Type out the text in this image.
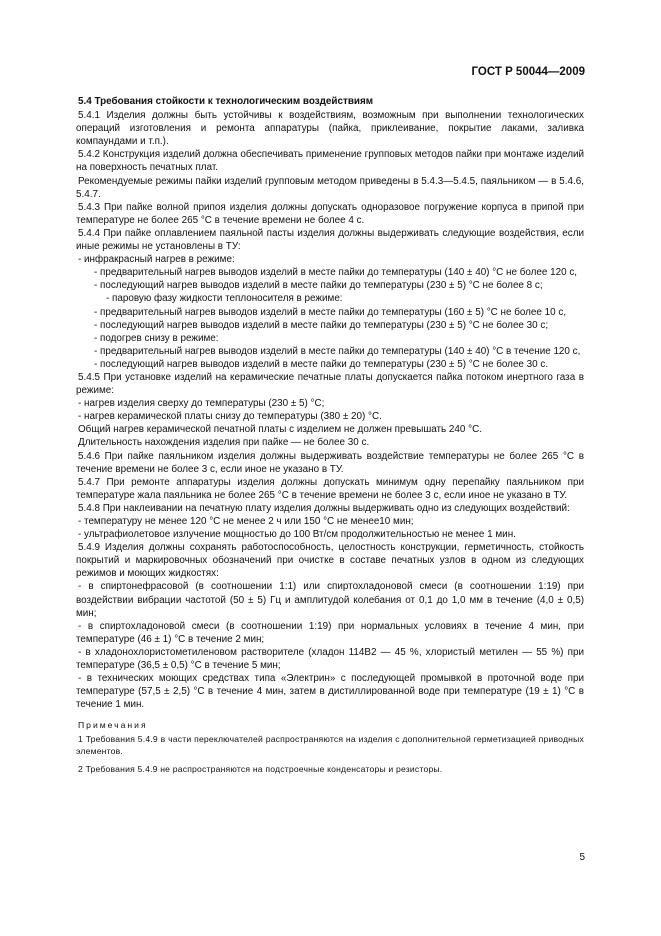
ГОСТ Р 50044—2009

5.4 Требования стойкости к технологическим воздействиям

5.4.1 Изделия должны быть устойчивы к воздействиям, возможным при выполнении технологических операций изготовления и ремонта аппаратуры (пайка, приклеивание, покрытие лаками, заливка компаундами и т.п.).

5.4.2 Конструкция изделий должна обеспечивать применение групповых методов пайки при монтаже изделий на поверхность печатных плат.

Рекомендуемые режимы пайки изделий групповым методом приведены в 5.4.3—5.4.5, паяльником — в 5.4.6, 5.4.7.

5.4.3 При пайке волной припоя изделия должны допускать одноразовое погружение корпуса в припой при температуре не более 265 °С в течение времени не более 4 с.

5.4.4 При пайке оплавлением паяльной пасты изделия должны выдерживать следующие воздействия, если иные режимы не установлены в ТУ:

- инфракрасный нагрев в режиме:

- предварительный нагрев выводов изделий в месте пайки до температуры (140 ± 40) °С не более 120 с,

- последующий нагрев выводов изделий в месте пайки до температуры (230 ± 5) °С не более 8 с;

- паровую фазу жидкости теплоносителя в режиме:

- предварительный нагрев выводов изделий в месте пайки до температуры (160 ± 5) °С не более 10 с,

- последующий нагрев выводов изделий в месте пайки до температуры (230 ± 5) °С не более 30 с;

- подогрев снизу в режиме:

- предварительный нагрев выводов изделий в месте пайки до температуры (140 ± 40) °С в течение 120 с,

- последующий нагрев выводов изделий в месте пайки до температуры (230 ± 5) °С не более 30 с.

5.4.5 При установке изделий на керамические печатные платы допускается пайка потоком инертного газа в режиме:

- нагрев изделия сверху до температуры (230 ± 5) °С;

- нагрев керамической платы снизу до температуры (380 ± 20) °С.

Общий нагрев керамической печатной платы с изделием не должен превышать 240 °С.

Длительность нахождения изделия при пайке — не более 30 с.

5.4.6 При пайке паяльником изделия должны выдерживать воздействие температуры не более 265 °С в течение времени не более 3 с, если иное не указано в ТУ.

5.4.7 При ремонте аппаратуры изделия должны допускать минимум одну перепайку паяльником при температуре жала паяльника не более 265 °С в течение времени не более 3 с, если иное не указано в ТУ.

5.4.8 При наклеивании на печатную плату изделия должны выдерживать одно из следующих воздействий:

- температуру не менее 120 °С не менее 2 ч или 150 °С не менее10 мин;

- ультрафиолетовое излучение мощностью до 100 Вт/см продолжительностью не менее 1 мин.

5.4.9 Изделия должны сохранять работоспособность, целостность конструкции, герметичность, стойкость покрытий и маркировочных обозначений при очистке в составе печатных узлов в одном из следующих режимов и моющих жидкостях:

- в спиртонефрасовой (в соотношении 1:1) или спиртохладоновой смеси (в соотношении 1:19) при воздействии вибрации частотой (50 ± 5) Гц и амплитудой колебания от 0,1 до 1,0 мм в течение (4,0 ± 0,5) мин;

- в спиртохладоновой смеси (в соотношении 1:19) при нормальных условиях в течение 4 мин, при температуре (46 ± 1) °С в течение 2 мин;

- в хладонохлористометиленовом растворителе (хладон 114В2 — 45 %, хлористый метилен — 55 %) при температуре (36,5 ± 0,5) °С в течение 5 мин;

- в технических моющих средствах типа «Электрин» с последующей промывкой в проточной воде при температуре (57,5 ± 2,5) °С в течение 4 мин, затем в дистиллированной воде при температуре (19 ± 1) °С в течение 1 мин.

Примечания

1 Требования 5.4.9 в части переключателей распространяются на изделия с дополнительной герметизацией приводных элементов.

2 Требования 5.4.9 не распространяются на подстроечные конденсаторы и резисторы.

5
